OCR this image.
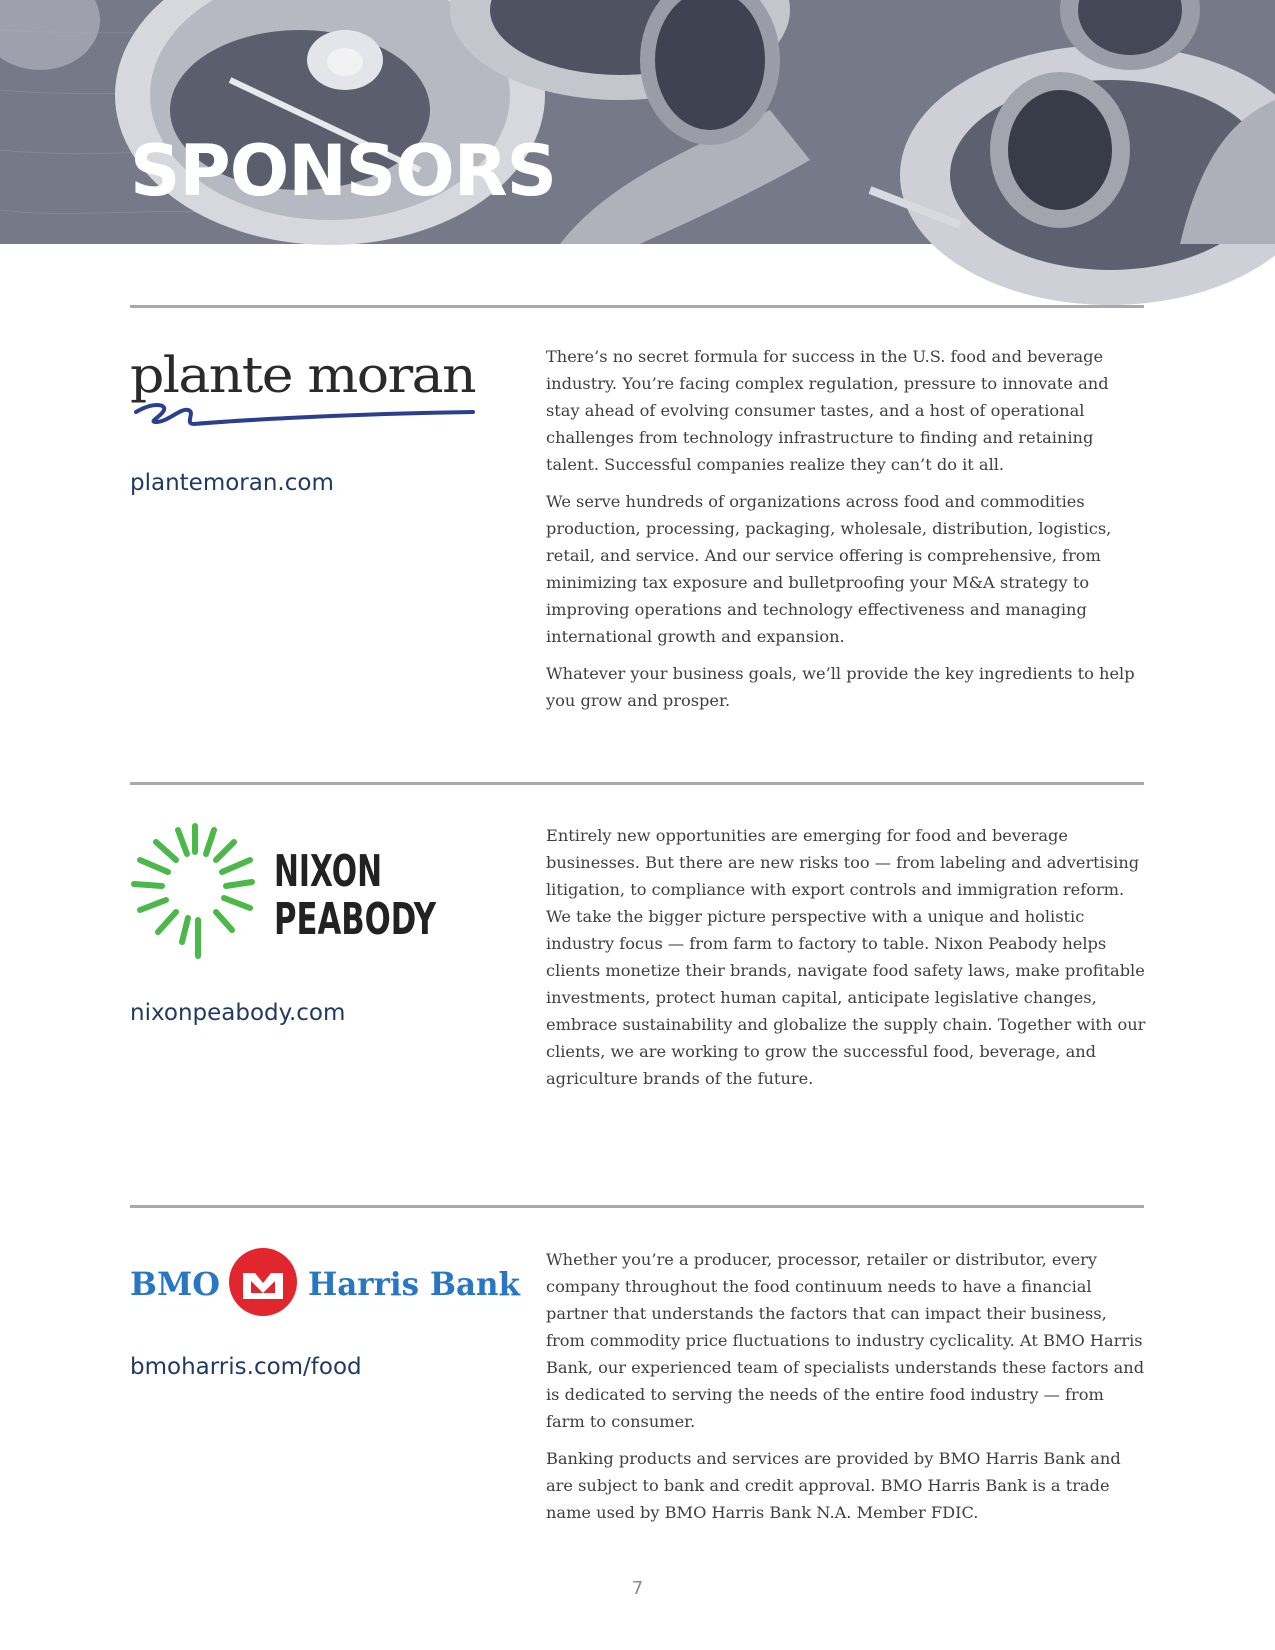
SPONSORS
plante moran
plantemoran.com

There’s no secret formula for success in the U.S. food and beverage industry. You’re facing complex regulation, pressure to innovate and stay ahead of evolving consumer tastes, and a host of operational challenges from technology infrastructure to finding and retaining talent. Successful companies realize they can’t do it all.

We serve hundreds of organizations across food and commodities production, processing, packaging, wholesale, distribution, logistics, retail, and service. And our service offering is comprehensive, from minimizing tax exposure and bulletproofing your M&A strategy to improving operations and technology effectiveness and managing international growth and expansion.

Whatever your business goals, we’ll provide the key ingredients to help you grow and prosper.

NIXON
PEABODY
nixonpeabody.com

Entirely new opportunities are emerging for food and beverage businesses. But there are new risks too — from labeling and advertising litigation, to compliance with export controls and immigration reform. We take the bigger picture perspective with a unique and holistic industry focus — from farm to factory to table. Nixon Peabody helps clients monetize their brands, navigate food safety laws, make profitable investments, protect human capital, anticipate legislative changes, embrace sustainability and globalize the supply chain. Together with our clients, we are working to grow the successful food, beverage, and agriculture brands of the future.

BMO	Harris Bank
bmoharris.com/food

Whether you’re a producer, processor, retailer or distributor, every company throughout the food continuum needs to have a financial partner that understands the factors that can impact their business, from commodity price fluctuations to industry cyclicality. At BMO Harris Bank, our experienced team of specialists understands these factors and is dedicated to serving the needs of the entire food industry — from farm to consumer.

Banking products and services are provided by BMO Harris Bank and are subject to bank and credit approval. BMO Harris Bank is a trade name used by BMO Harris Bank N.A. Member FDIC.

7
